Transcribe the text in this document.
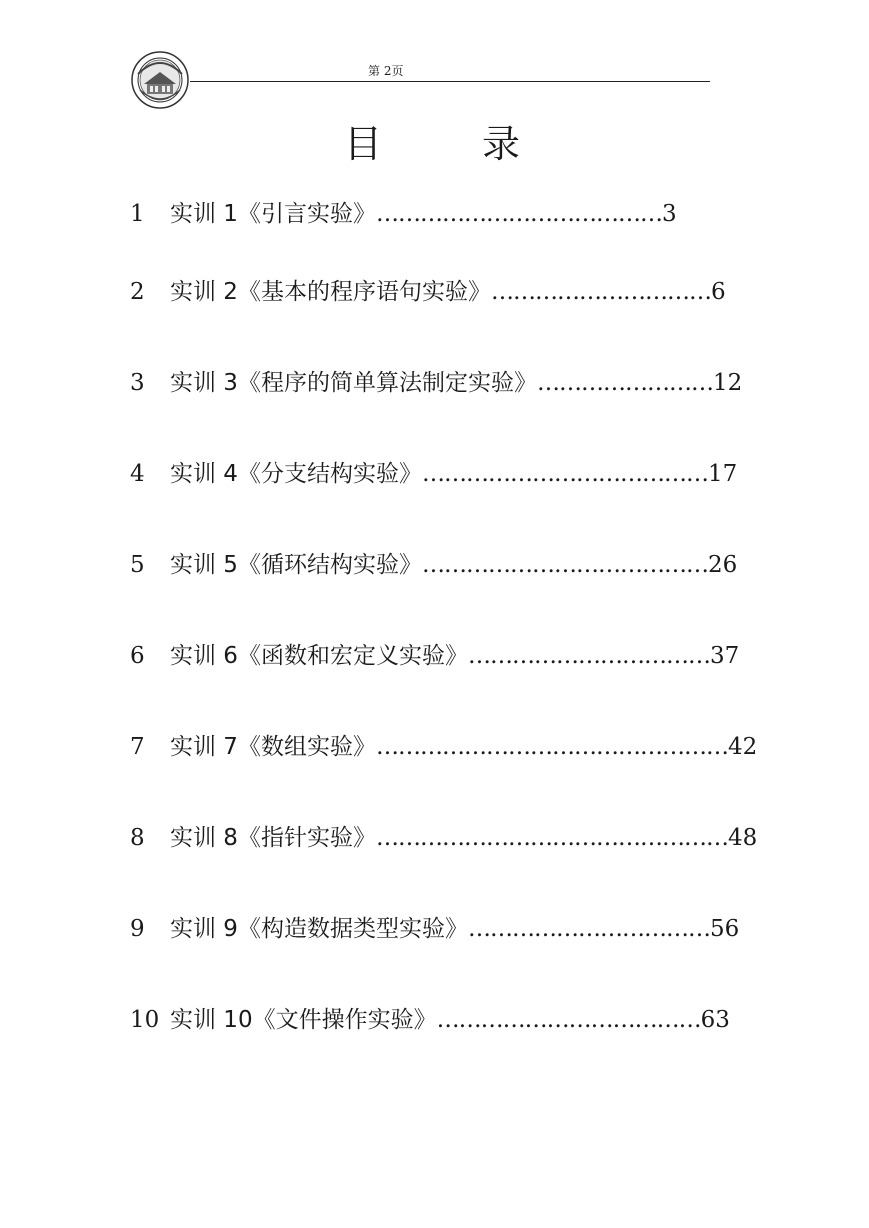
第 2页
目	录
1	实训 1《引言实验》 ………………………………… 3
2	实训 2《基本的程序语句实验》 ………………………… 6
3	实训 3《程序的简单算法制定实验》 …………………… 12
4	实训 4《分支结构实验》 ………………………………… 17
5	实训 5《循环结构实验》 ………………………………… 26
6	实训 6《函数和宏定义实验》 …………………………… 37
7	实训 7《数组实验》 ………………………………………… 42
8	实训 8《指针实验》 ………………………………………… 48
9	实训 9《构造数据类型实验》 …………………………… 56
10 实训 10《文件操作实验》 ……………………………… 63
